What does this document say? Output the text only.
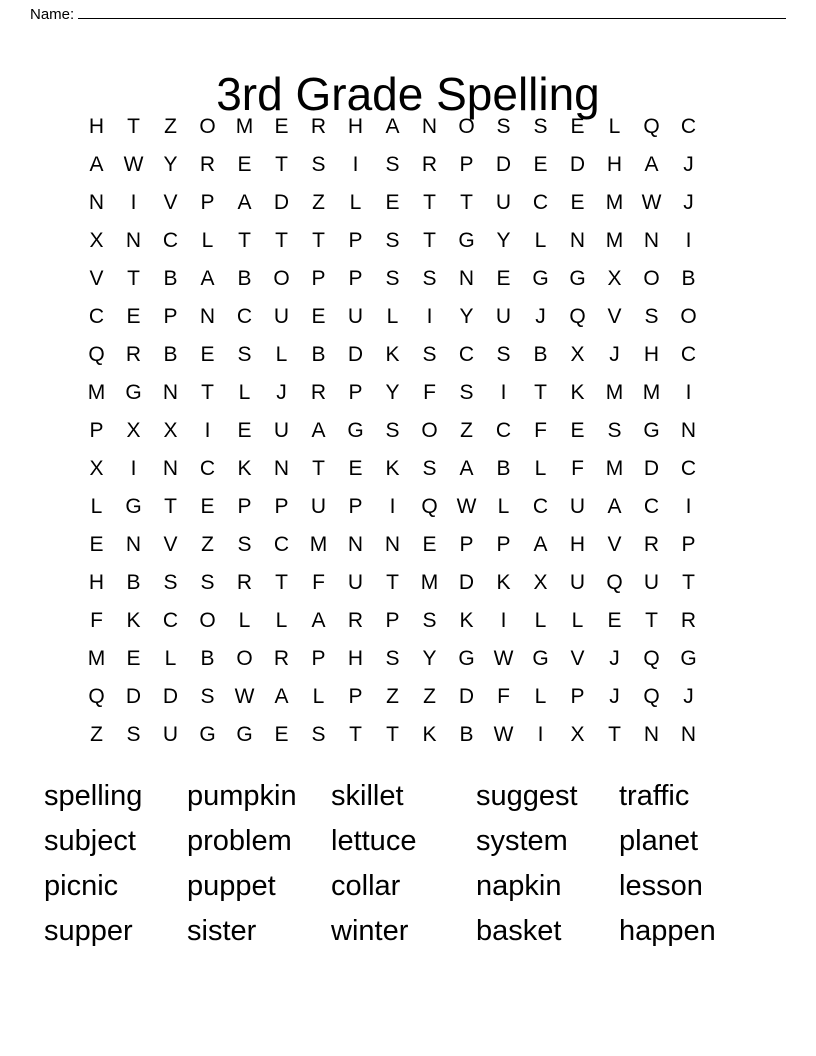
Name:
3rd Grade Spelling
H	T	Z	O M	E	R	H	A	N	O	S	S	E	L	Q	C
A W Y	R	E	T	S	I	S	R	P	D	E	D	H	A	J
N	I	V	P	A	D	Z	L	E	T	T	U	C	E	M W	J
X	N	C	L	T	T	T	P	S	T	G	Y	L	N M N	I
V	T	B	A	B	O	P	P	S	S	N	E	G G	X	O	B
C	E	P	N	C	U	E	U	L	I	Y	U	J	Q	V	S	O
Q	R	B	E	S	L	B	D	K	S	C	S	B	X	J	H	C
M G	N	T	L	J	R	P	Y	F	S	I	T	K	M M	I
P	X	X	I	E	U	A	G	S	O	Z	C	F	E	S	G	N
X	I	N	C	K	N	T	E	K	S	A	B	L	F	M D	C
L	G	T	E	P	P	U	P	I	Q W	L	C	U	A	C	I
E	N	V	Z	S	C M N	N	E	P	P	A	H	V	R	P
H	B	S	S	R	T	F	U	T	M D	K	X	U	Q	U	T
F	K	C	O	L	L	A	R	P	S	K	I	L	L	E	T	R
M	E	L	B	O	R	P	H	S	Y	G W G	V	J	Q G
Q	D	D	S W A	L	P	Z	Z	D	F	L	P	J	Q	J
Z	S	U	G G	E	S	T	T	K	B W	I	X	T	N	N
spelling	pumpkin	skillet	suggest	traffic
subject	problem	lettuce	system	planet
picnic	puppet	collar	napkin	lesson
supper	sister	winter	basket	happen
